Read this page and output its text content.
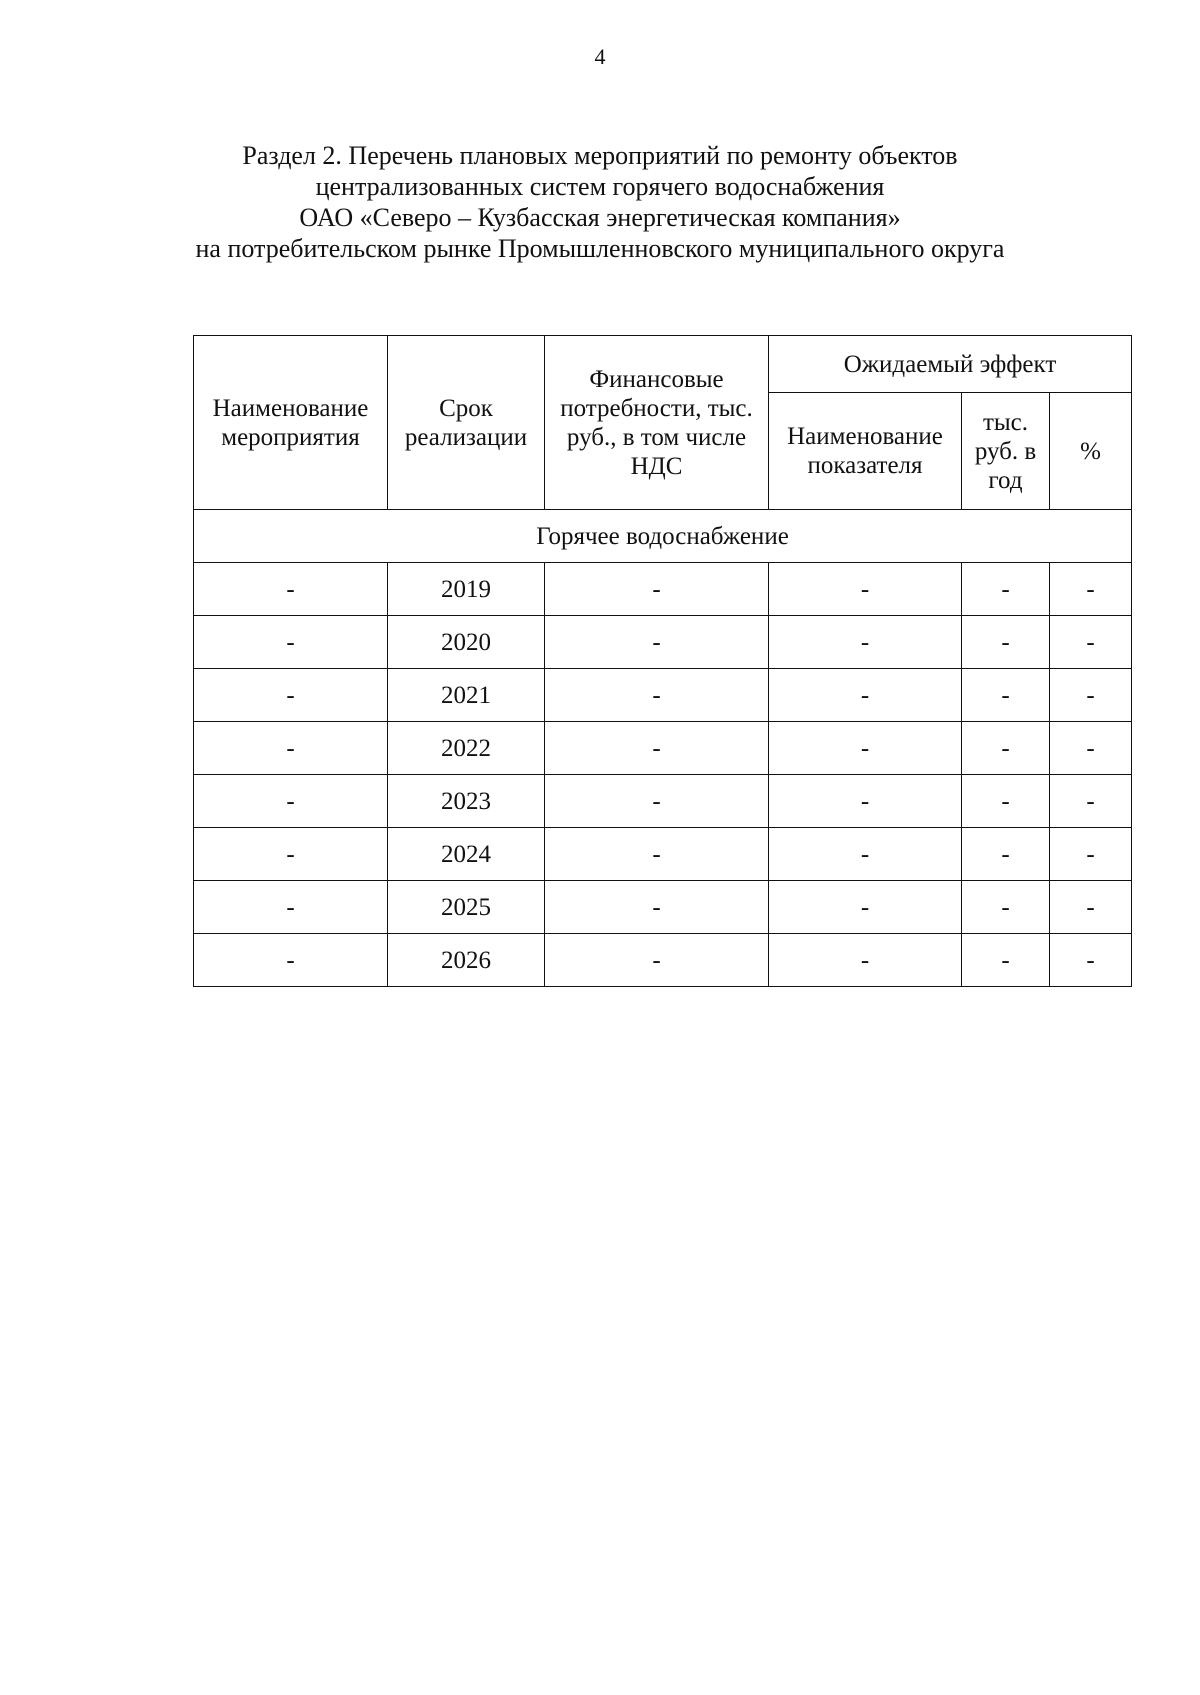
4
Раздел 2. Перечень плановых мероприятий по ремонту объектов
централизованных систем горячего водоснабжения
ОАО «Северо – Кузбасская энергетическая компания»
на потребительском рынке Промышленновского муниципального округа
Наименование мероприятия	Срок реализации	Финансовые потребности, тыс. руб., в том числе НДС	Ожидаемый эффект		
			Наименование показателя	тыс. руб. в год	%
Горячее водоснабжение					
-	2019	-	-	-	-
-	2020	-	-	-	-
-	2021	-	-	-	-
-	2022	-	-	-	-
-	2023	-	-	-	-
-	2024	-	-	-	-
-	2025	-	-	-	-
-	2026	-	-	-	-
